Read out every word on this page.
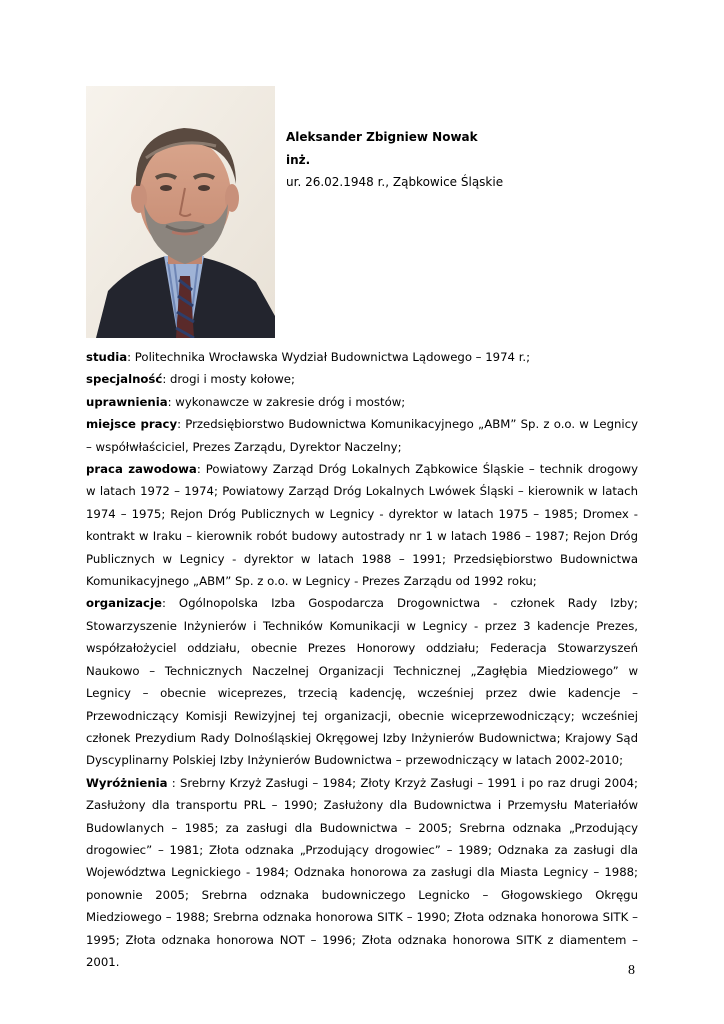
Aleksander Zbigniew Nowak
inż.
ur. 26.02.1948 r., Ząbkowice Śląskie

studia: Politechnika Wrocławska Wydział Budownictwa Lądowego – 1974 r.;

specjalność: drogi i mosty kołowe;

uprawnienia: wykonawcze w zakresie dróg i mostów;

miejsce pracy: Przedsiębiorstwo Budownictwa Komunikacyjnego „ABM” Sp. z o.o. w Legnicy – współwłaściciel, Prezes Zarządu, Dyrektor Naczelny;

praca zawodowa: Powiatowy Zarząd Dróg Lokalnych Ząbkowice Śląskie – technik drogowy w latach 1972 – 1974; Powiatowy Zarząd Dróg Lokalnych Lwówek Śląski – kierownik w latach 1974 – 1975; Rejon Dróg Publicznych w Legnicy - dyrektor w latach 1975 – 1985; Dromex - kontrakt w Iraku – kierownik robót budowy autostrady nr 1 w latach 1986 – 1987; Rejon Dróg Publicznych w Legnicy - dyrektor w latach 1988 – 1991; Przedsiębiorstwo Budownictwa Komunikacyjnego „ABM” Sp. z o.o. w Legnicy - Prezes Zarządu od 1992 roku;

organizacje: Ogólnopolska Izba Gospodarcza Drogownictwa - członek Rady Izby; Stowarzyszenie Inżynierów i Techników Komunikacji w Legnicy - przez 3 kadencje Prezes, współzałożyciel oddziału, obecnie Prezes Honorowy oddziału; Federacja Stowarzyszeń Naukowo – Technicznych Naczelnej Organizacji Technicznej „Zagłębia Miedziowego” w Legnicy – obecnie wiceprezes, trzecią kadencję, wcześniej przez dwie kadencje – Przewodniczący Komisji Rewizyjnej tej organizacji, obecnie wiceprzewodniczący; wcześniej członek Prezydium Rady Dolnośląskiej Okręgowej Izby Inżynierów Budownictwa; Krajowy Sąd Dyscyplinarny Polskiej Izby Inżynierów Budownictwa – przewodniczący w latach 2002-2010;

Wyróżnienia : Srebrny Krzyż Zasługi – 1984; Złoty Krzyż Zasługi – 1991 i po raz drugi 2004; Zasłużony dla transportu PRL – 1990; Zasłużony dla Budownictwa i Przemysłu Materiałów Budowlanych – 1985; za zasługi dla Budownictwa – 2005; Srebrna odznaka „Przodujący drogowiec” – 1981; Złota odznaka „Przodujący drogowiec” – 1989; Odznaka za zasługi dla Województwa Legnickiego - 1984; Odznaka honorowa za zasługi dla Miasta Legnicy – 1988; ponownie 2005; Srebrna odznaka budowniczego Legnicko – Głogowskiego Okręgu Miedziowego – 1988; Srebrna odznaka honorowa SITK – 1990; Złota odznaka honorowa SITK – 1995; Złota odznaka honorowa NOT – 1996; Złota odznaka honorowa SITK z diamentem – 2001.

8
